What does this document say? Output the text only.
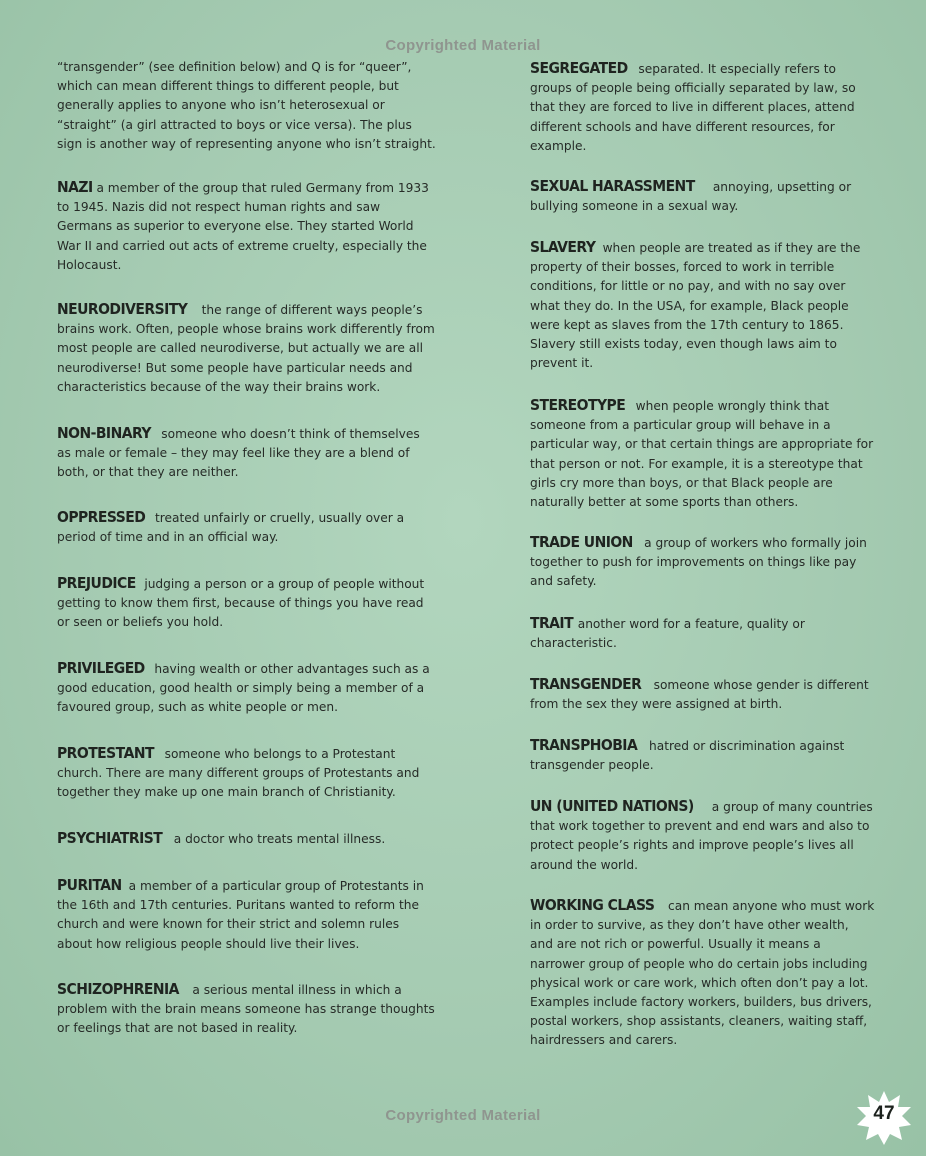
Copyrighted Material
“transgender” (see definition below) and Q is for “queer”, which can mean different things to different people, but generally applies to anyone who isn’t heterosexual or “straight” (a girl attracted to boys or vice versa). The plus sign is another way of representing anyone who isn’t straight.
NAZI a member of the group that ruled Germany from 1933 to 1945. Nazis did not respect human rights and saw Germans as superior to everyone else. They started World War II and carried out acts of extreme cruelty, especially the Holocaust.
NEURODIVERSITY the range of different ways people’s brains work. Often, people whose brains work differently from most people are called neurodiverse, but actually we are all neurodiverse! But some people have particular needs and characteristics because of the way their brains work.
NON-BINARY someone who doesn’t think of themselves as male or female – they may feel like they are a blend of both, or that they are neither.
OPPRESSED treated unfairly or cruelly, usually over a period of time and in an official way.
PREJUDICE judging a person or a group of people without getting to know them first, because of things you have read or seen or beliefs you hold.
PRIVILEGED having wealth or other advantages such as a good education, good health or simply being a member of a favoured group, such as white people or men.
PROTESTANT someone who belongs to a Protestant church. There are many different groups of Protestants and together they make up one main branch of Christianity.
PSYCHIATRIST a doctor who treats mental illness.
PURITAN a member of a particular group of Protestants in the 16th and 17th centuries. Puritans wanted to reform the church and were known for their strict and solemn rules about how religious people should live their lives.
SCHIZOPHRENIA a serious mental illness in which a problem with the brain means someone has strange thoughts or feelings that are not based in reality.
SEGREGATED separated. It especially refers to groups of people being officially separated by law, so that they are forced to live in different places, attend different schools and have different resources, for example.
SEXUAL HARASSMENT annoying, upsetting or bullying someone in a sexual way.
SLAVERY when people are treated as if they are the property of their bosses, forced to work in terrible conditions, for little or no pay, and with no say over what they do. In the USA, for example, Black people were kept as slaves from the 17th century to 1865. Slavery still exists today, even though laws aim to prevent it.
STEREOTYPE when people wrongly think that someone from a particular group will behave in a particular way, or that certain things are appropriate for that person or not. For example, it is a stereotype that girls cry more than boys, or that Black people are naturally better at some sports than others.
TRADE UNION a group of workers who formally join together to push for improvements on things like pay and safety.
TRAIT another word for a feature, quality or characteristic.
TRANSGENDER someone whose gender is different from the sex they were assigned at birth.
TRANSPHOBIA hatred or discrimination against transgender people.
UN (UNITED NATIONS) a group of many countries that work together to prevent and end wars and also to protect people’s rights and improve people’s lives all around the world.
WORKING CLASS can mean anyone who must work in order to survive, as they don’t have other wealth, and are not rich or powerful. Usually it means a narrower group of people who do certain jobs including physical work or care work, which often don’t pay a lot. Examples include factory workers, builders, bus drivers, postal workers, shop assistants, cleaners, waiting staff, hairdressers and carers.
Copyrighted Material	47
